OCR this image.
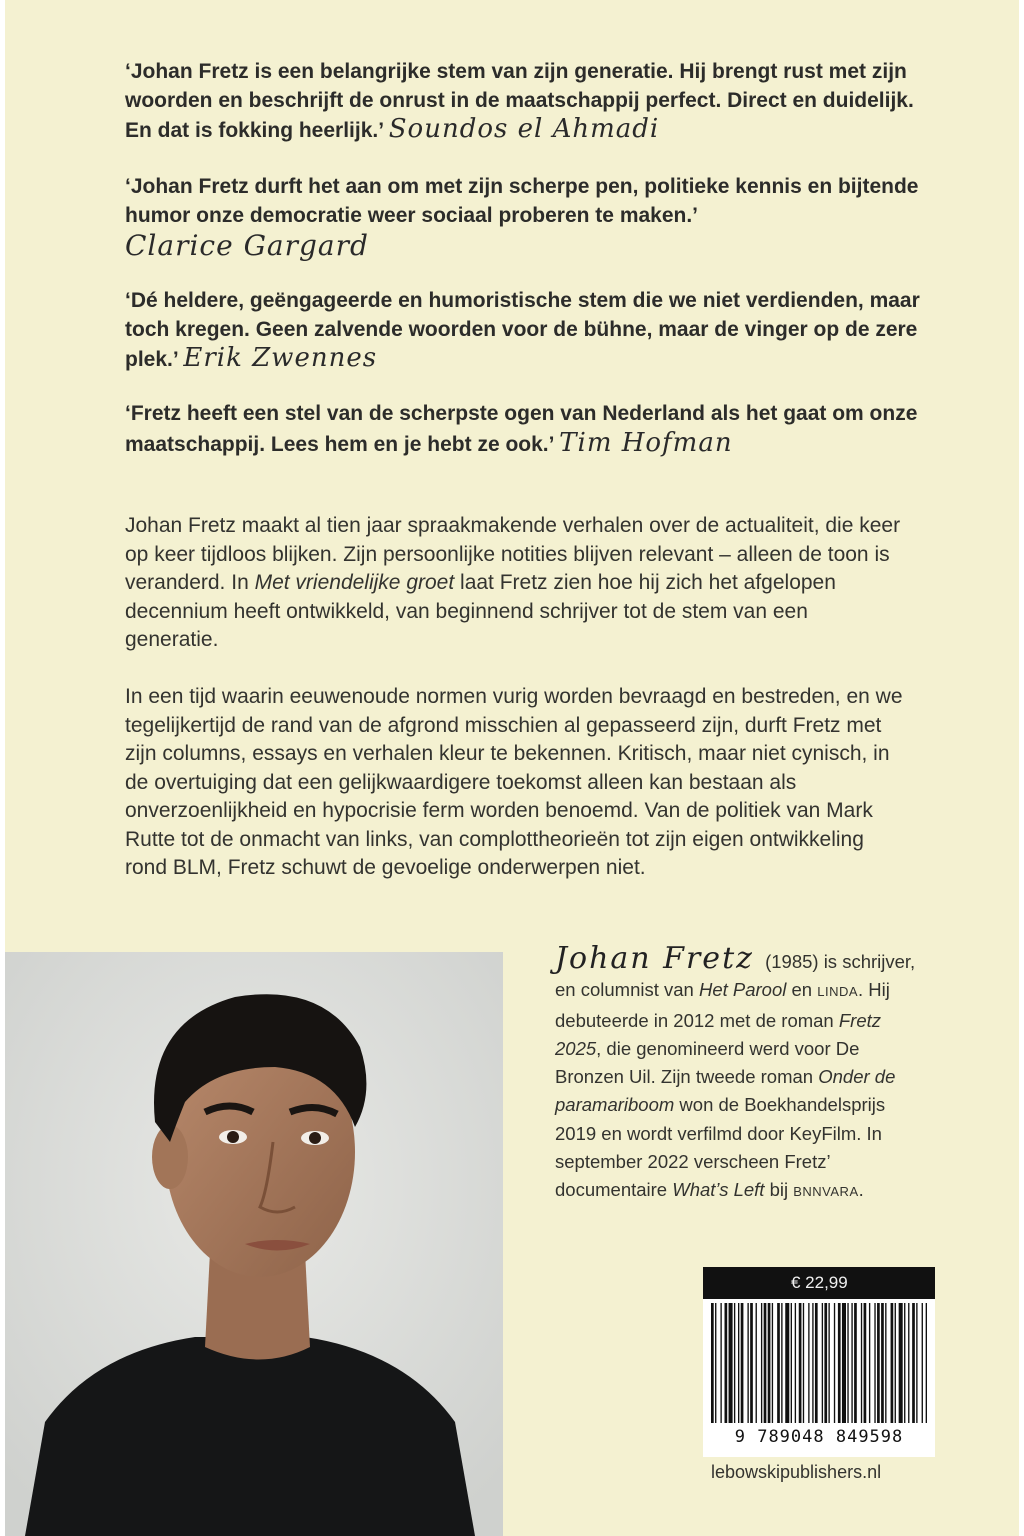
‘Johan Fretz is een belangrijke stem van zijn generatie. Hij brengt rust met zijn woorden en beschrijft de onrust in de maatschappij perfect. Direct en duidelijk. En dat is fokking heerlijk.’ Soundos el Ahmadi

‘Johan Fretz durft het aan om met zijn scherpe pen, politieke kennis en bijtende humor onze democratie weer sociaal proberen te maken.’
Clarice Gargard

‘Dé heldere, geëngageerde en humoristische stem die we niet verdienden, maar toch kregen. Geen zalvende woorden voor de bühne, maar de vinger op de zere plek.’ Erik Zwennes

‘Fretz heeft een stel van de scherpste ogen van Nederland als het gaat om onze maatschappij. Lees hem en je hebt ze ook.’ Tim Hofman

Johan Fretz maakt al tien jaar spraakmakende verhalen over de actualiteit, die keer op keer tijdloos blijken. Zijn persoonlijke notities blijven relevant – alleen de toon is veranderd. In Met vriendelijke groet laat Fretz zien hoe hij zich het afgelopen decennium heeft ontwikkeld, van beginnend schrijver tot de stem van een generatie.

In een tijd waarin eeuwenoude normen vurig worden bevraagd en bestreden, en we tegelijkertijd de rand van de afgrond misschien al gepasseerd zijn, durft Fretz met zijn columns, essays en verhalen kleur te bekennen. Kritisch, maar niet cynisch, in de overtuiging dat een gelijkwaardigere toekomst alleen kan bestaan als onverzoenlijkheid en hypocrisie ferm worden benoemd. Van de politiek van Mark Rutte tot de onmacht van links, van complottheorieën tot zijn eigen ontwikkeling rond BLM, Fretz schuwt de gevoelige onderwerpen niet.

Johan Fretz (1985) is schrijver, en columnist van Het Parool en LINDA. Hij debuteerde in 2012 met de roman Fretz 2025, die genomineerd werd voor De Bronzen Uil. Zijn tweede roman Onder de paramariboom won de Boekhandelsprijs 2019 en wordt verfilmd door KeyFilm. In september 2022 verscheen Fretz’ documentaire What’s Left bij BNNVARA.

€ 22,99
9 789048 849598

lebowskipublishers.nl
